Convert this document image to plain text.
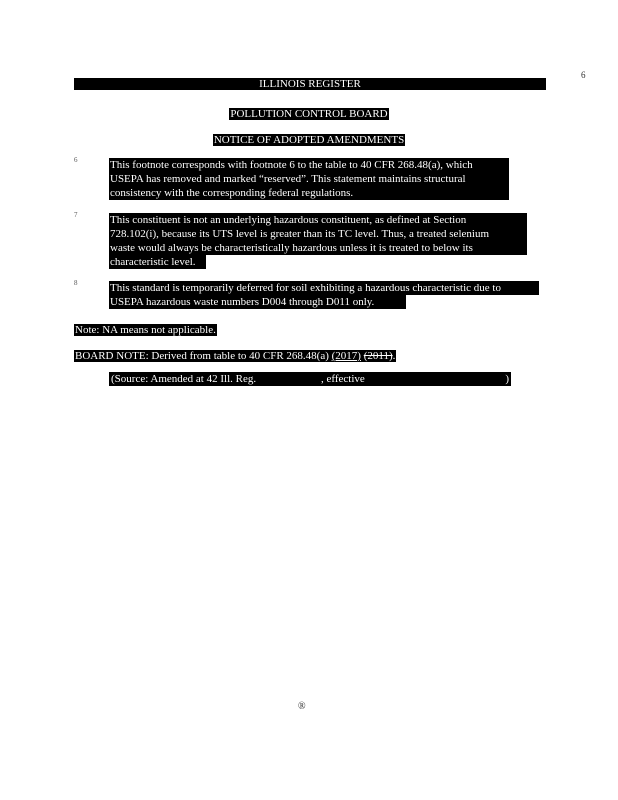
ILLINOIS REGISTER
6
POLLUTION CONTROL BOARD
NOTICE OF ADOPTED AMENDMENTS
6	This footnote corresponds with footnote 6 to the table to 40 CFR 268.48(a), which
USEPA has removed and marked “reserved”. This statement maintains structural
consistency with the corresponding federal regulations.
7	This constituent is not an underlying hazardous constituent, as defined at Section
728.102(i), because its UTS level is greater than its TC level. Thus, a treated selenium
waste would always be characteristically hazardous unless it is treated to below its
characteristic level.
8	This standard is temporarily deferred for soil exhibiting a hazardous characteristic due to
USEPA hazardous waste numbers D004 through D011 only.
Note: NA means not applicable.
BOARD NOTE: Derived from table to 40 CFR 268.48(a) (2017) (2011).
(Source: Amended at 42 Ill. Reg.	, effective	)
®
